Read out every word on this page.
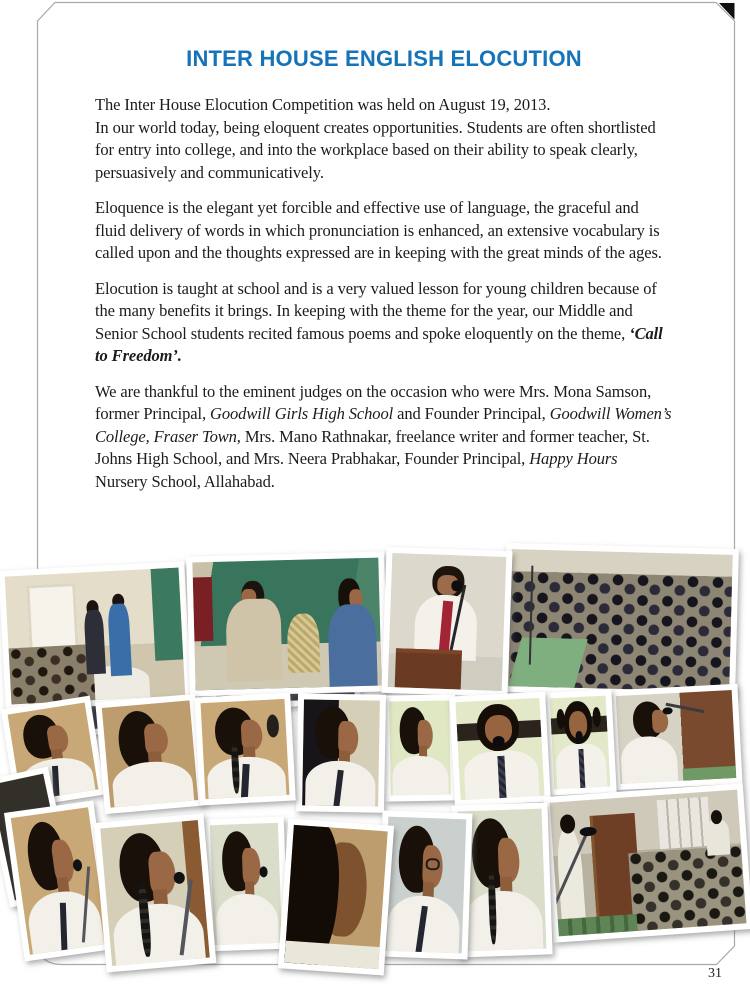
INTER HOUSE ENGLISH ELOCUTION

The Inter House Elocution Competition was held on August 19, 2013.
In our world today, being eloquent creates opportunities. Students are often shortlisted for entry into college, and into the workplace based on their ability to speak clearly, persuasively and communicatively.

Eloquence is the elegant yet forcible and effective use of language, the graceful and fluid delivery of words in which pronunciation is enhanced, an extensive vocabulary is called upon and the thoughts expressed are in keeping with the great minds of the ages.

Elocution is taught at school and is a very valued lesson for young children because of the many benefits it brings. In keeping with the theme for the year, our Middle and Senior School students recited famous poems and spoke eloquently on the theme, ‘Call to Freedom’.

We are thankful to the eminent judges on the occasion who were Mrs. Mona Samson, former Principal, Goodwill Girls High School and Founder Principal, Goodwill Women’s College, Fraser Town, Mrs. Mano Rathnakar, freelance writer and former teacher, St. Johns High School, and Mrs. Neera Prabhakar, Founder Principal, Happy Hours Nursery School, Allahabad.

31
